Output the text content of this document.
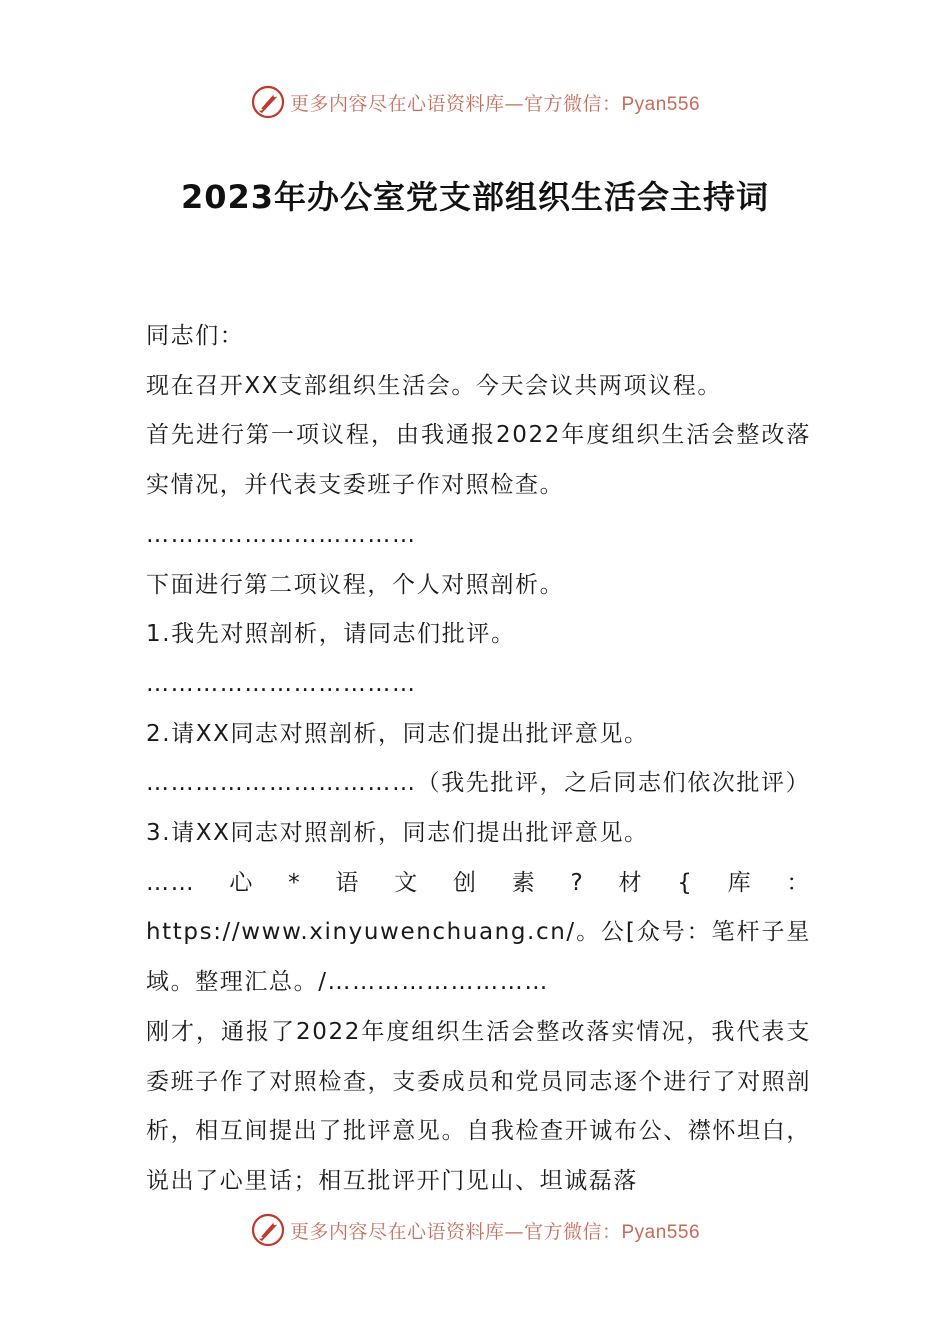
更多内容尽在心语资料库—官方微信：Pyan556
2023年办公室党支部组织生活会主持词

同志们：

现在召开XX支部组织生活会。今天会议共两项议程。

首先进行第一项议程，由我通报2022年度组织生活会整改落实情况，并代表支委班子作对照检查。

……………………………

下面进行第二项议程，个人对照剖析。

1.我先对照剖析，请同志们批评。

……………………………

2.请XX同志对照剖析，同志们提出批评意见。

……………………………（我先批评，之后同志们依次批评）

3.请XX同志对照剖析，同志们提出批评意见。

……心*语文创素?材{库：https://www.xinyuwenchuang.cn/。公[众号：笔杆子星域。整理汇总。/………………………

刚才，通报了2022年度组织生活会整改落实情况，我代表支委班子作了对照检查，支委成员和党员同志逐个进行了对照剖析，相互间提出了批评意见。自我检查开诚布公、襟怀坦白，说出了心里话；相互批评开门见山、坦诚磊落

更多内容尽在心语资料库—官方微信：Pyan556
